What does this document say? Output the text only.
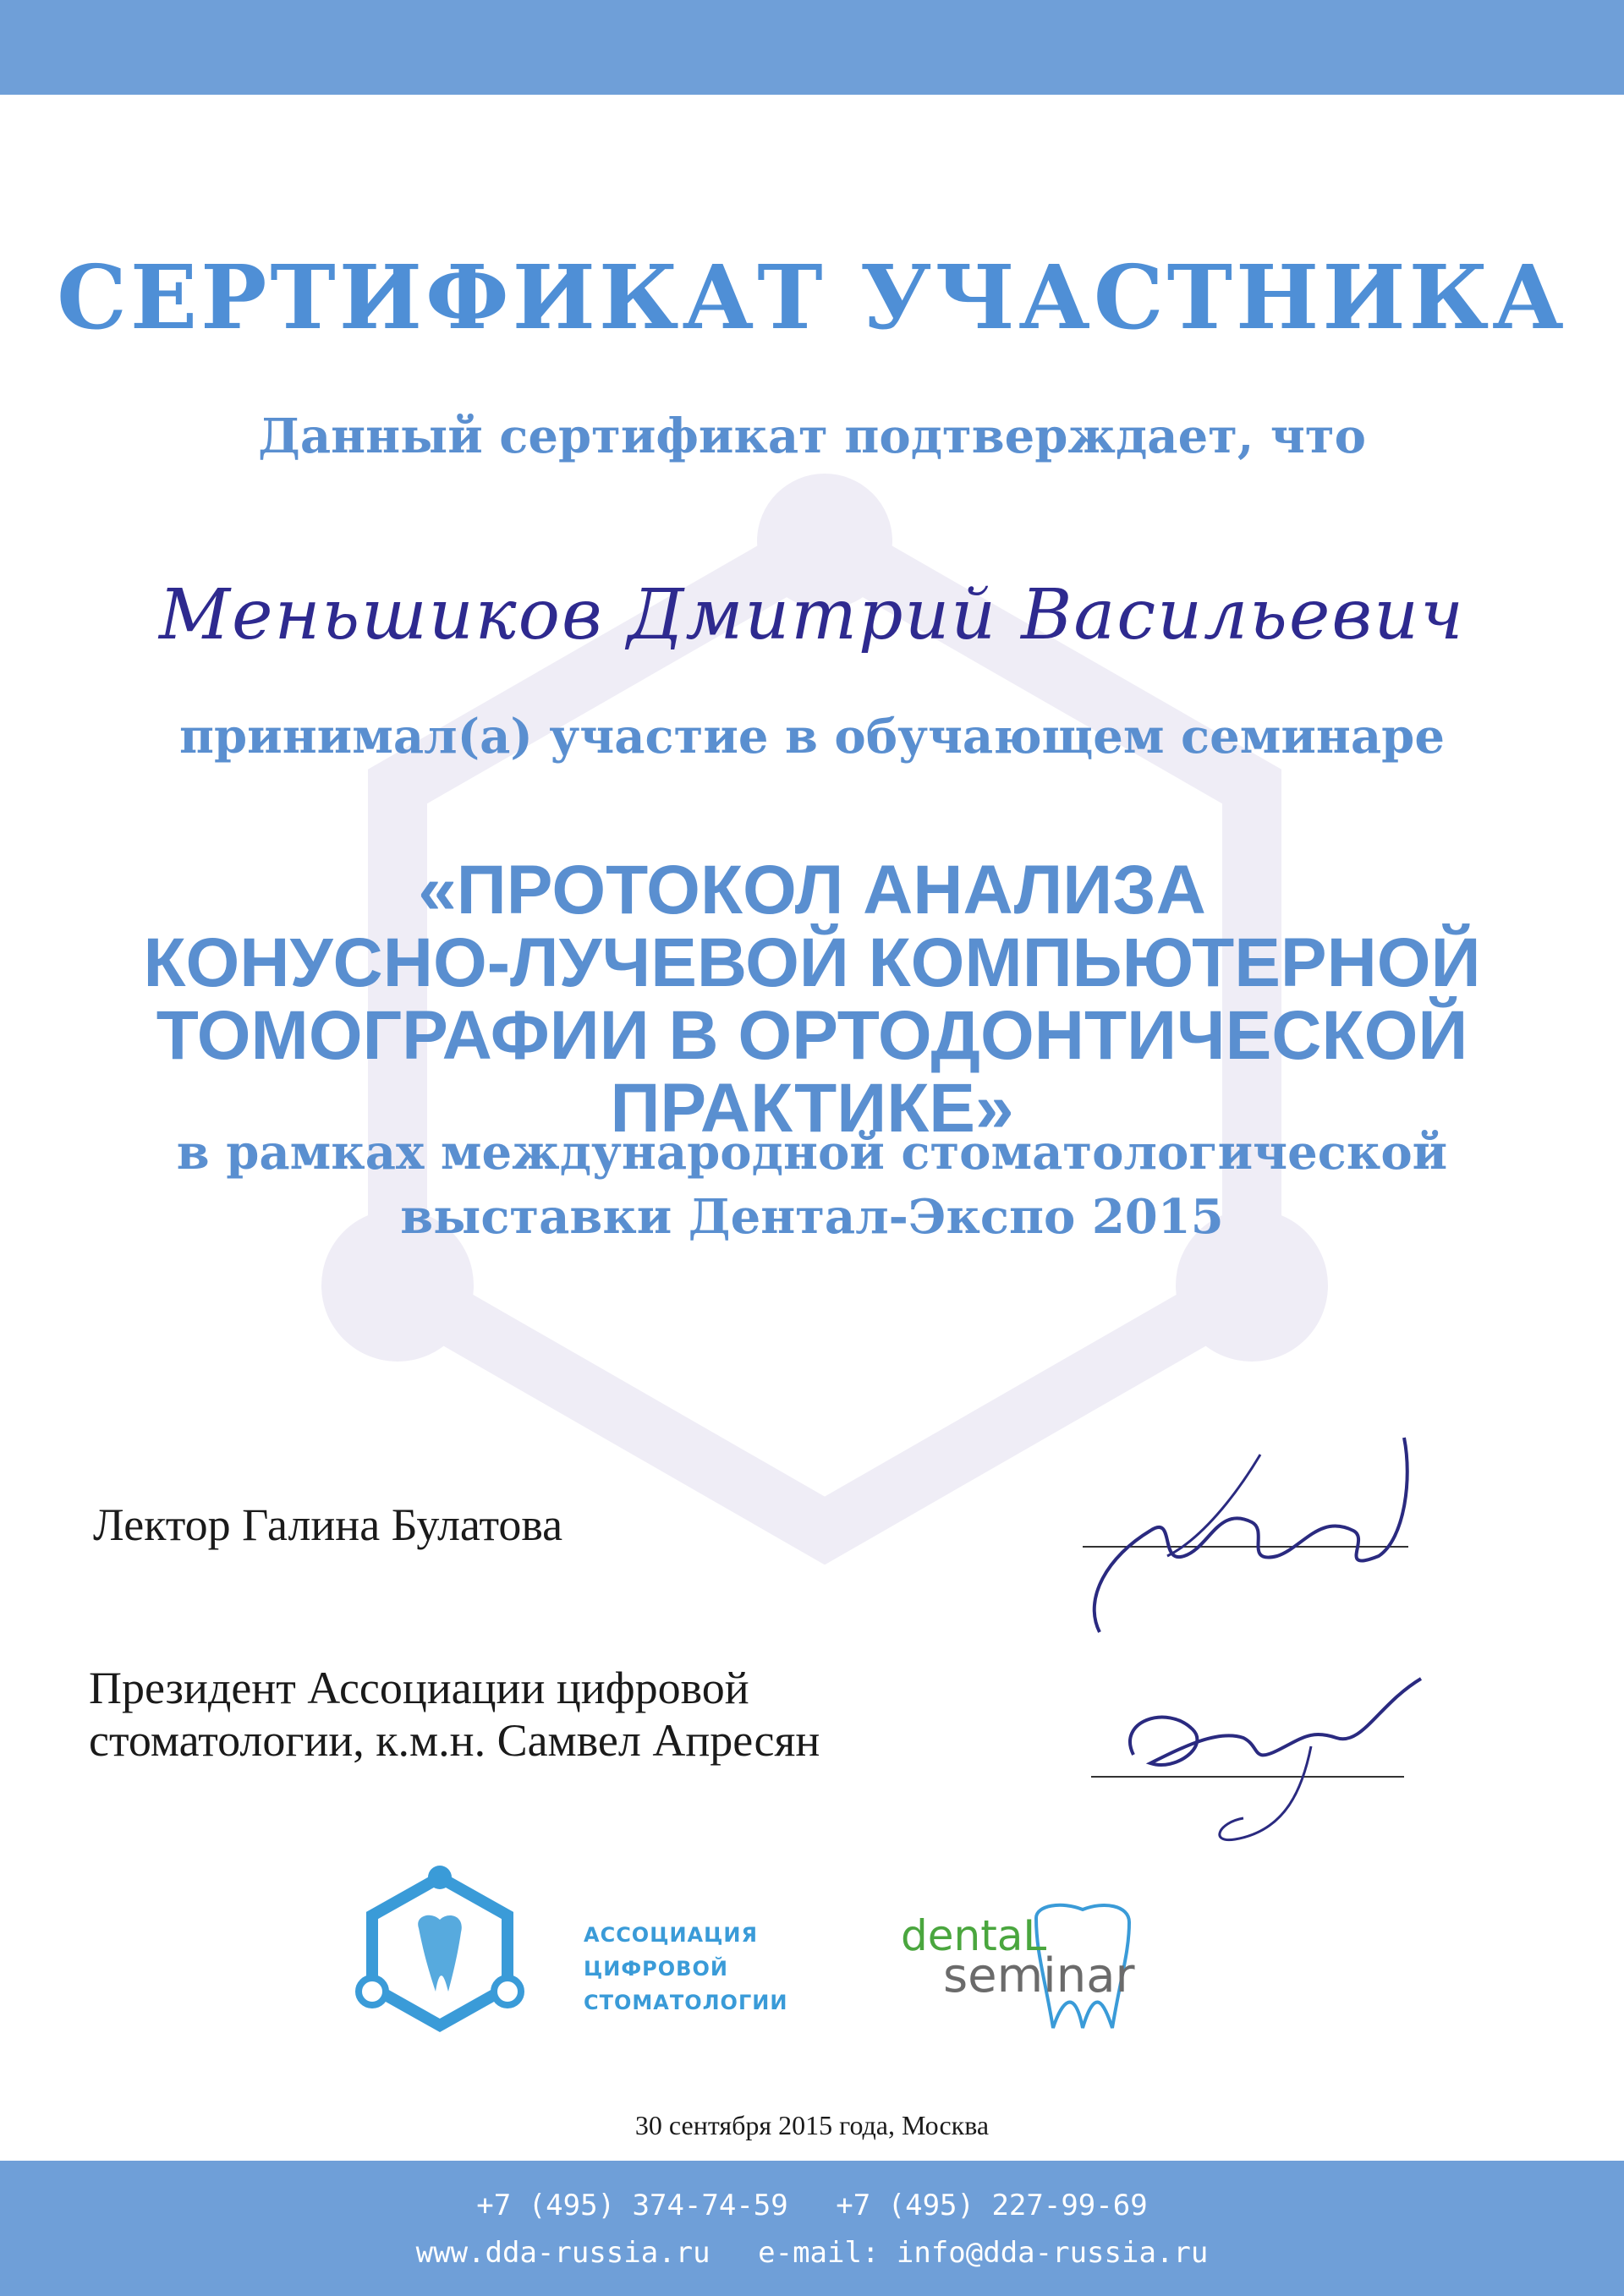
СЕРТИФИКАТ УЧАСТНИКА
Данный сертификат подтверждает, что
Меньшиков Дмитрий Васильевич
принимал(а) участие в обучающем семинаре
«ПРОТОКОЛ АНАЛИЗА
КОНУСНО-ЛУЧЕВОЙ КОМПЬЮТЕРНОЙ
ТОМОГРАФИИ В ОРТОДОНТИЧЕСКОЙ
ПРАКТИКЕ»
в рамках международной стоматологической
выставки Дентал-Экспо 2015
Лектор Галина Булатова
Президент Ассоциации цифровой
стоматологии, к.м.н. Самвел Апресян
АССОЦИАЦИЯ
ЦИФРОВОЙ
СТОМАТОЛОГИИ
dentaL
seminar
30 сентября 2015 года, Москва
+7 (495) 374-74-59 +7 (495) 227-99-69
www.dda-russia.ru e-mail: info@dda-russia.ru
